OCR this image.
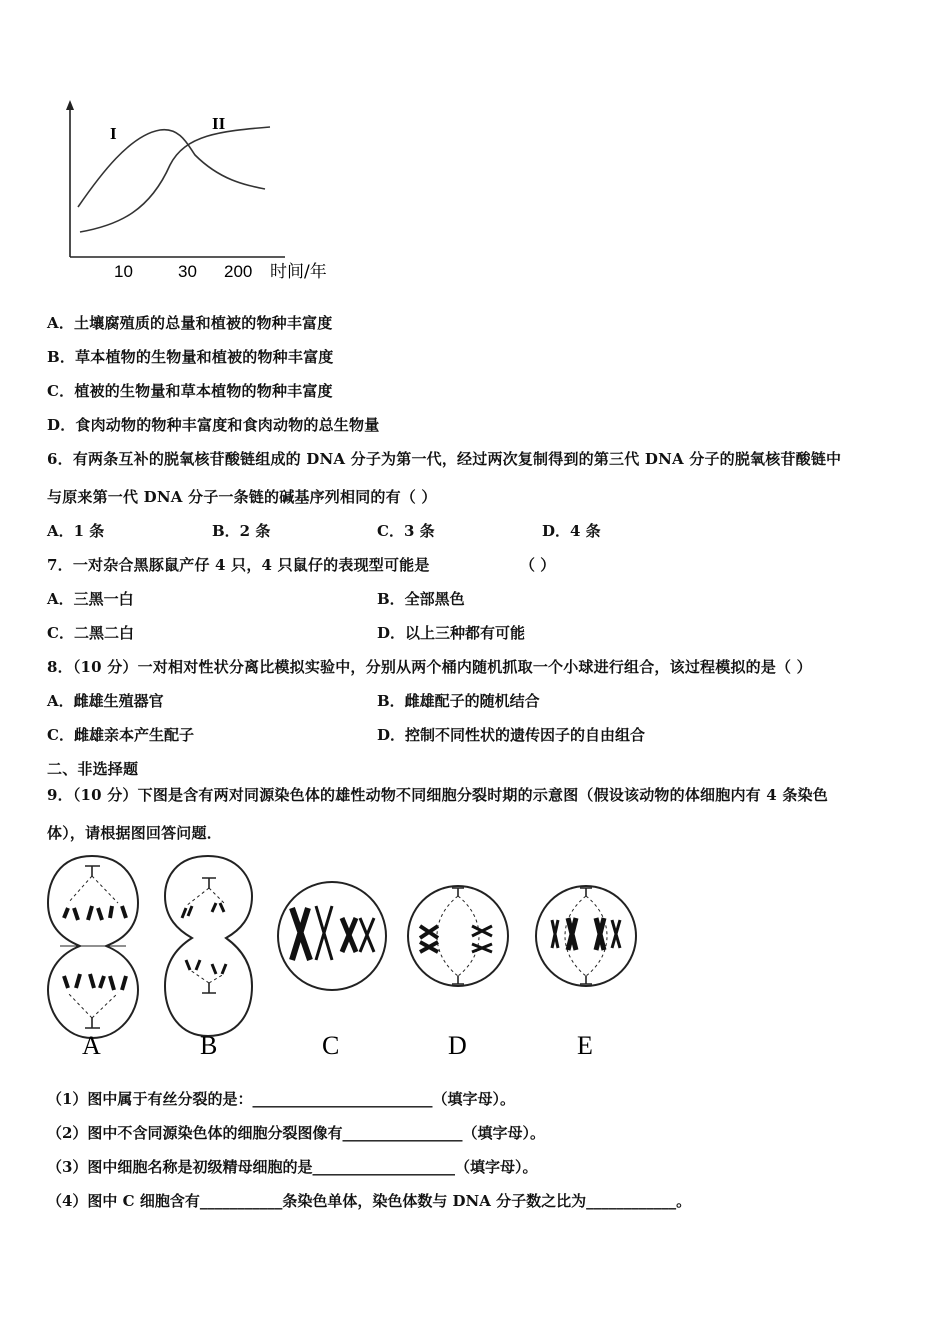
I
II
10	30 200 时间/年
A．土壤腐殖质的总量和植被的物种丰富度
B．草本植物的生物量和植被的物种丰富度
C．植被的生物量和草本植物的物种丰富度
D．食肉动物的物种丰富度和食肉动物的总生物量
6．有两条互补的脱氧核苷酸链组成的 DNA 分子为第一代，经过两次复制得到的第三代 DNA 分子的脱氧核苷酸链中
与原来第一代 DNA 分子一条链的碱基序列相同的有（ ）
A．1 条	B．2 条	C．3 条	D．4 条
7．一对杂合黑豚鼠产仔 4 只，4 只鼠仔的表现型可能是	（ ）
A．三黑一白	B．全部黑色
C．二黑二白	D．以上三种都有可能
8．（10 分）一对相对性状分离比模拟实验中，分别从两个桶内随机抓取一个小球进行组合，该过程模拟的是（ ）
A．雌雄生殖器官	B．雌雄配子的随机结合
C．雌雄亲本产生配子	D．控制不同性状的遗传因子的自由组合
二、非选择题
9．（10 分）下图是含有两对同源染色体的雄性动物不同细胞分裂时期的示意图（假设该动物的体细胞内有 4 条染色
体），请根据图回答问题．
A	B	C	D	E
（1）图中属于有丝分裂的是：________________________（填字母）。
（2）图中不含同源染色体的细胞分裂图像有________________（填字母）。
（3）图中细胞名称是初级精母细胞的是___________________（填字母）。
（4）图中 C 细胞含有___________条染色单体，染色体数与 DNA 分子数之比为____________。
